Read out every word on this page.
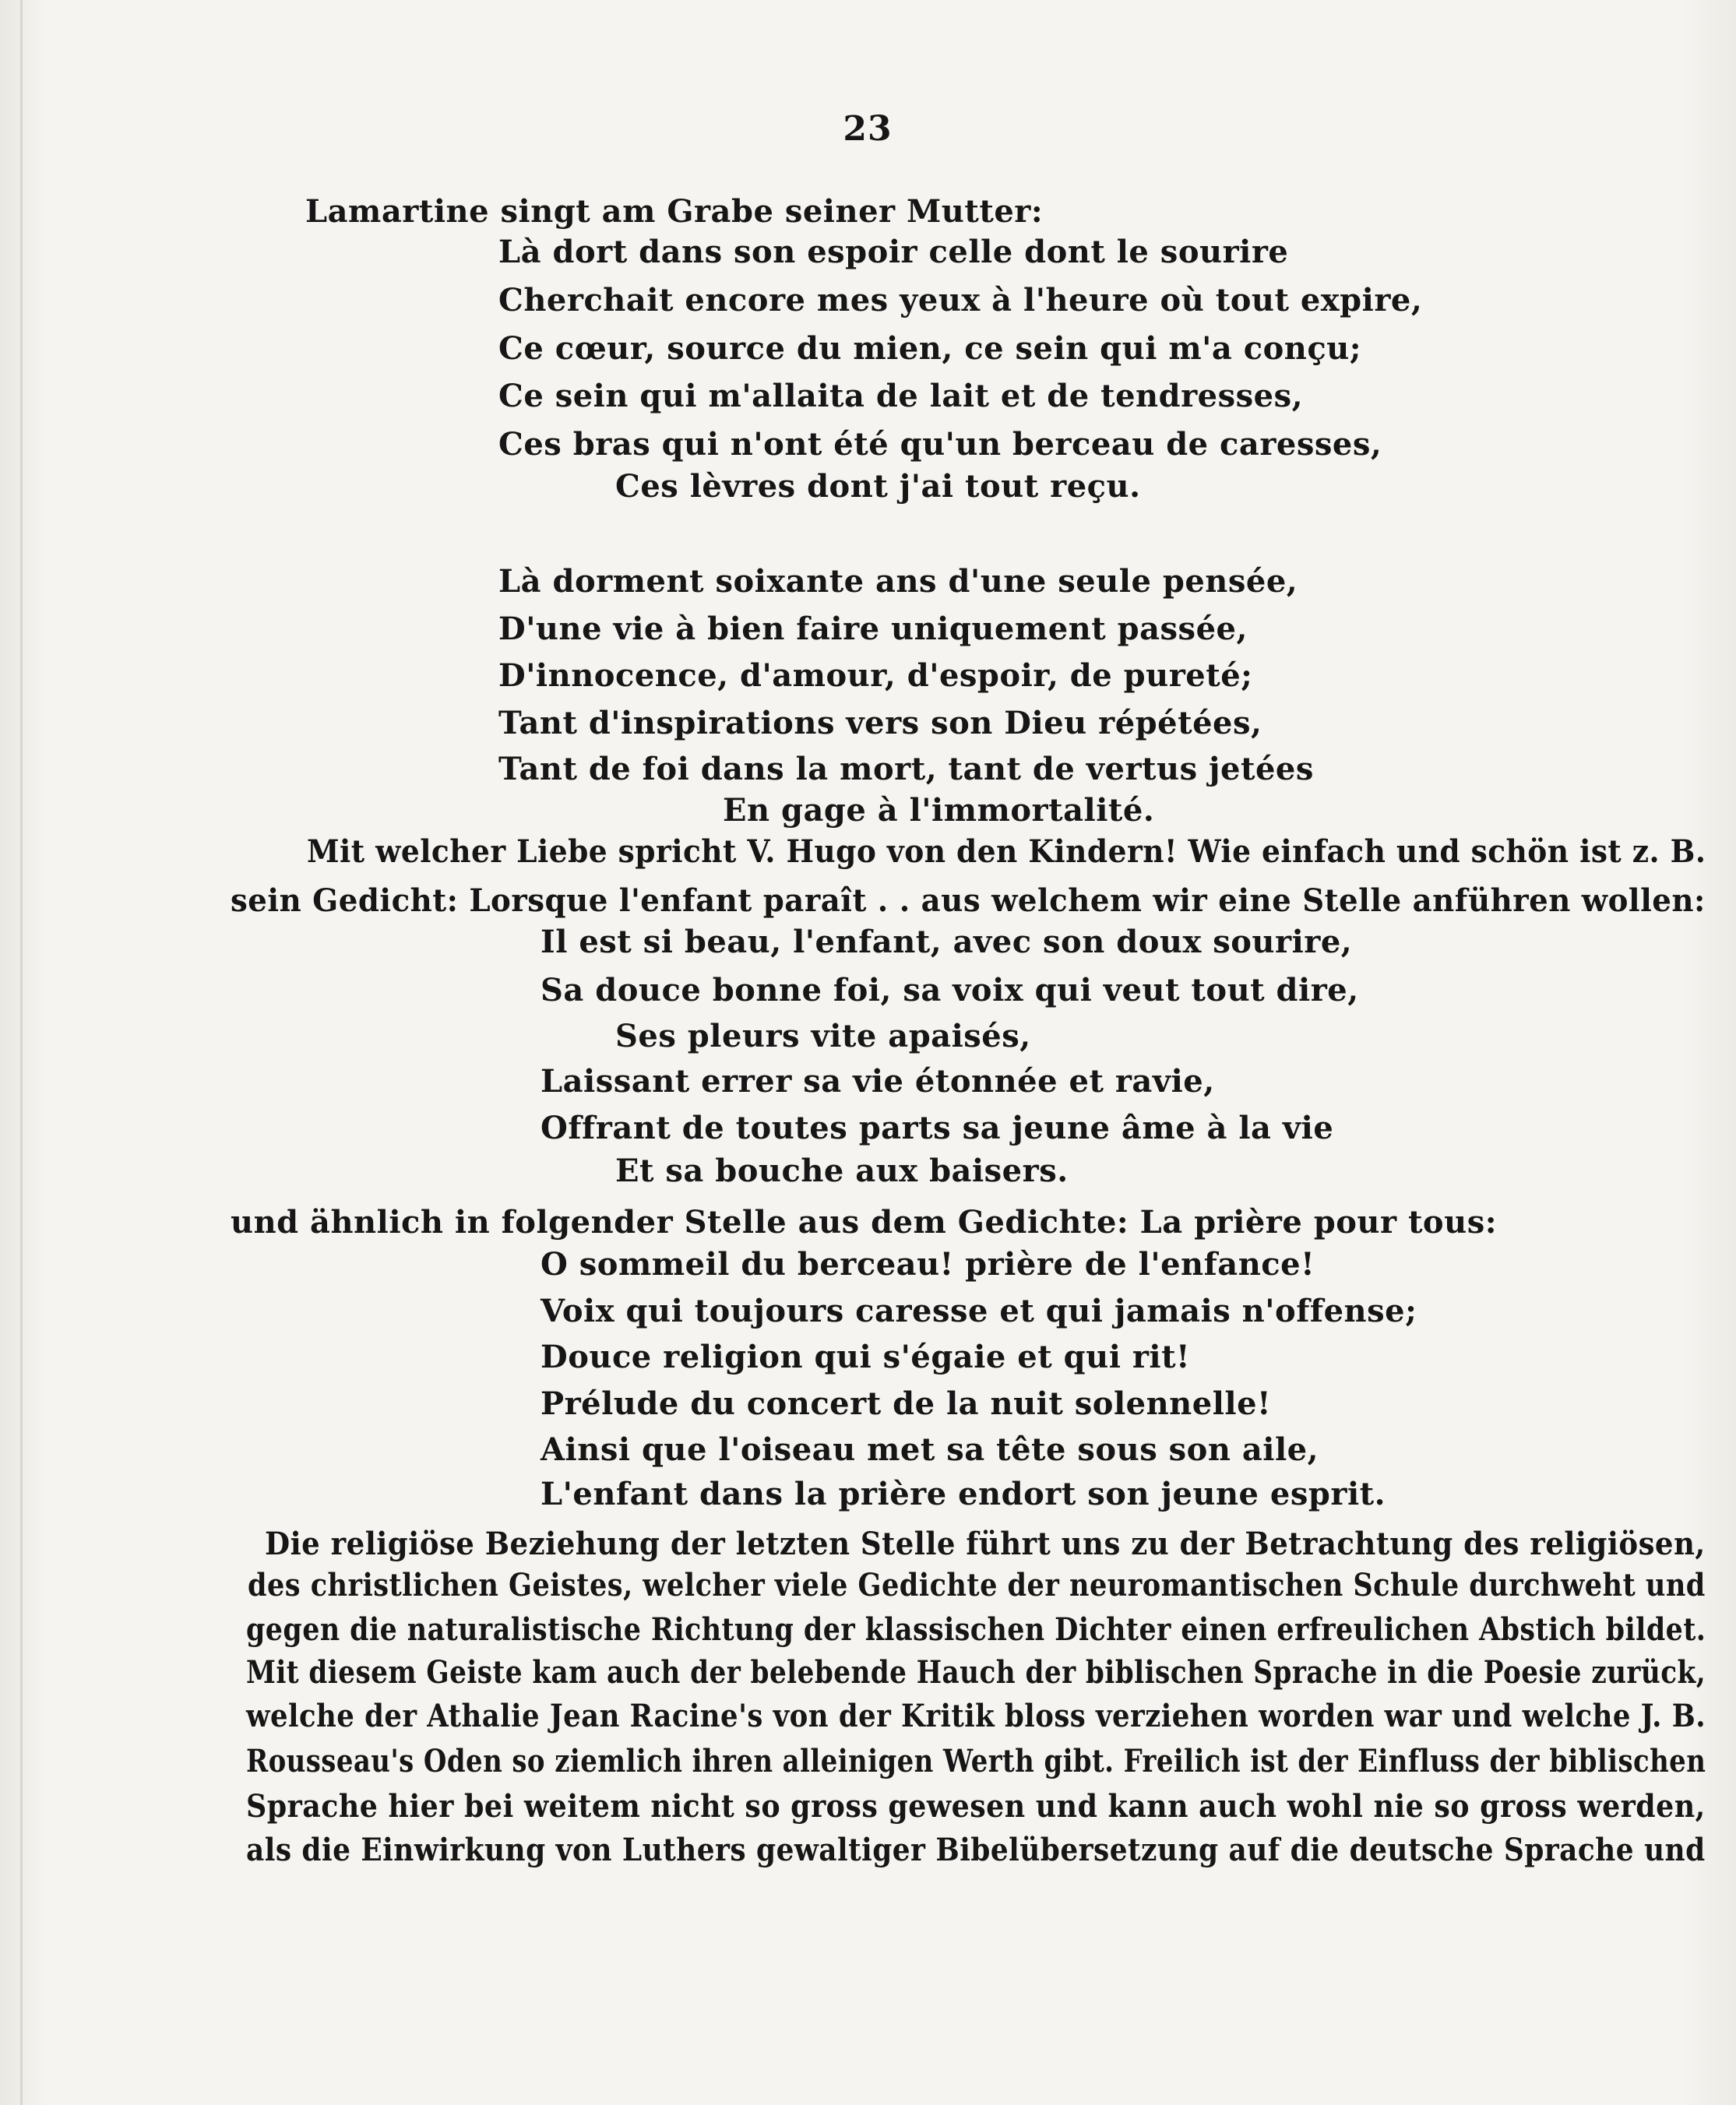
23
Lamartine singt am Grabe seiner Mutter:
Là dort dans son espoir celle dont le sourire
Cherchait encore mes yeux à l'heure où tout expire,
Ce cœur, source du mien, ce sein qui m'a conçu;
Ce sein qui m'allaita de lait et de tendresses,
Ces bras qui n'ont été qu'un berceau de caresses,
Ces lèvres dont j'ai tout reçu.
Là dorment soixante ans d'une seule pensée,
D'une vie à bien faire uniquement passée,
D'innocence, d'amour, d'espoir, de pureté;
Tant d'inspirations vers son Dieu répétées,
Tant de foi dans la mort, tant de vertus jetées
En gage à l'immortalité.
Mit welcher Liebe spricht V. Hugo von den Kindern! Wie einfach und schön ist z. B.
sein Gedicht: Lorsque l'enfant paraît . . aus welchem wir eine Stelle anführen wollen:
Il est si beau, l'enfant, avec son doux sourire,
Sa douce bonne foi, sa voix qui veut tout dire,
Ses pleurs vite apaisés,
Laissant errer sa vie étonnée et ravie,
Offrant de toutes parts sa jeune âme à la vie
Et sa bouche aux baisers.
und ähnlich in folgender Stelle aus dem Gedichte: La prière pour tous:
O sommeil du berceau! prière de l'enfance!
Voix qui toujours caresse et qui jamais n'offense;
Douce religion qui s'égaie et qui rit!
Prélude du concert de la nuit solennelle!
Ainsi que l'oiseau met sa tête sous son aile,
L'enfant dans la prière endort son jeune esprit.
Die religiöse Beziehung der letzten Stelle führt uns zu der Betrachtung des religiösen,
des christlichen Geistes, welcher viele Gedichte der neuromantischen Schule durchweht und
gegen die naturalistische Richtung der klassischen Dichter einen erfreulichen Abstich bildet.
Mit diesem Geiste kam auch der belebende Hauch der biblischen Sprache in die Poesie zurück,
welche der Athalie Jean Racine's von der Kritik bloss verziehen worden war und welche J. B.
Rousseau's Oden so ziemlich ihren alleinigen Werth gibt. Freilich ist der Einfluss der biblischen
Sprache hier bei weitem nicht so gross gewesen und kann auch wohl nie so gross werden,
als die Einwirkung von Luthers gewaltiger Bibelübersetzung auf die deutsche Sprache und
